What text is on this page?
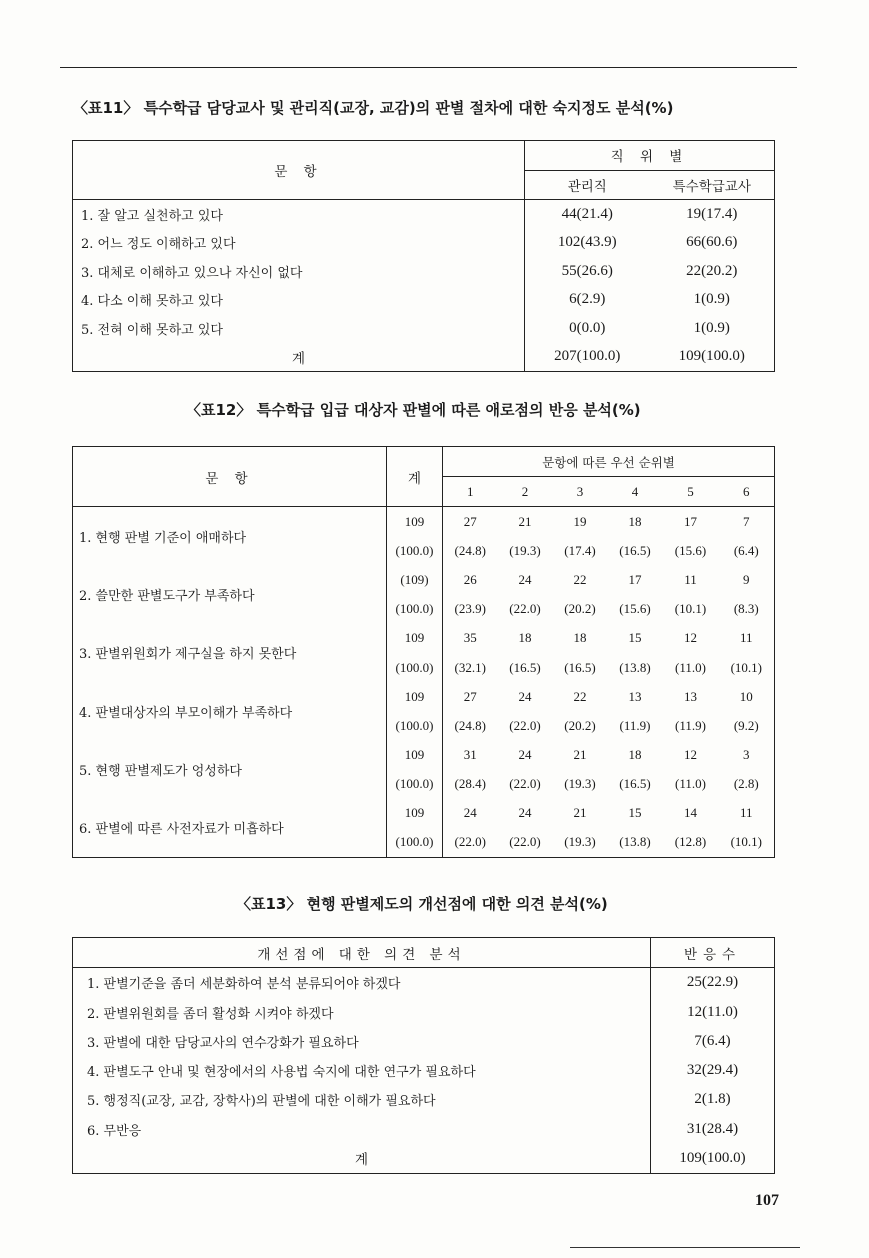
〈표11〉 특수학급 담당교사 및 관리직(교장, 교감)의 판별 절차에 대한 숙지정도 분석(%)
문 항	직 위 별	
	관리직	특수학급교사
1. 잘 알고 실천하고 있다	44(21.4)	19(17.4)
2. 어느 정도 이해하고 있다	102(43.9)	66(60.6)
3. 대체로 이해하고 있으나 자신이 없다	55(26.6)	22(20.2)
4. 다소 이해 못하고 있다	6(2.9)	1(0.9)
5. 전혀 이해 못하고 있다	0(0.0)	1(0.9)
계	207(100.0)	109(100.0)
〈표12〉 특수학급 입급 대상자 판별에 따른 애로점의 반응 분석(%)
문 항	계	문항에 따른 우선 순위별					
		1	2	3	4	5	6
1. 현행 판별 기준이 애매하다	109	27	21	19	18	17	7
	(100.0)	(24.8)	(19.3)	(17.4)	(16.5)	(15.6)	(6.4)
2. 쓸만한 판별도구가 부족하다	(109)	26	24	22	17	11	9
	(100.0)	(23.9)	(22.0)	(20.2)	(15.6)	(10.1)	(8.3)
3. 판별위원회가 제구실을 하지 못한다	109	35	18	18	15	12	11
	(100.0)	(32.1)	(16.5)	(16.5)	(13.8)	(11.0)	(10.1)
4. 판별대상자의 부모이해가 부족하다	109	27	24	22	13	13	10
	(100.0)	(24.8)	(22.0)	(20.2)	(11.9)	(11.9)	(9.2)
5. 현행 판별제도가 엉성하다	109	31	24	21	18	12	3
	(100.0)	(28.4)	(22.0)	(19.3)	(16.5)	(11.0)	(2.8)
6. 판별에 따른 사전자료가 미흡하다	109	24	24	21	15	14	11
	(100.0)	(22.0)	(22.0)	(19.3)	(13.8)	(12.8)	(10.1)
〈표13〉 현행 판별제도의 개선점에 대한 의견 분석(%)
개선점에 대한 의견 분석	반응수
1. 판별기준을 좀더 세분화하여 분석 분류되어야 하겠다	25(22.9)
2. 판별위원회를 좀더 활성화 시켜야 하겠다	12(11.0)
3. 판별에 대한 담당교사의 연수강화가 필요하다	7(6.4)
4. 판별도구 안내 및 현장에서의 사용법 숙지에 대한 연구가 필요하다	32(29.4)
5. 행정직(교장, 교감, 장학사)의 판별에 대한 이해가 필요하다	2(1.8)
6. 무반응	31(28.4)
계	109(100.0)
107
